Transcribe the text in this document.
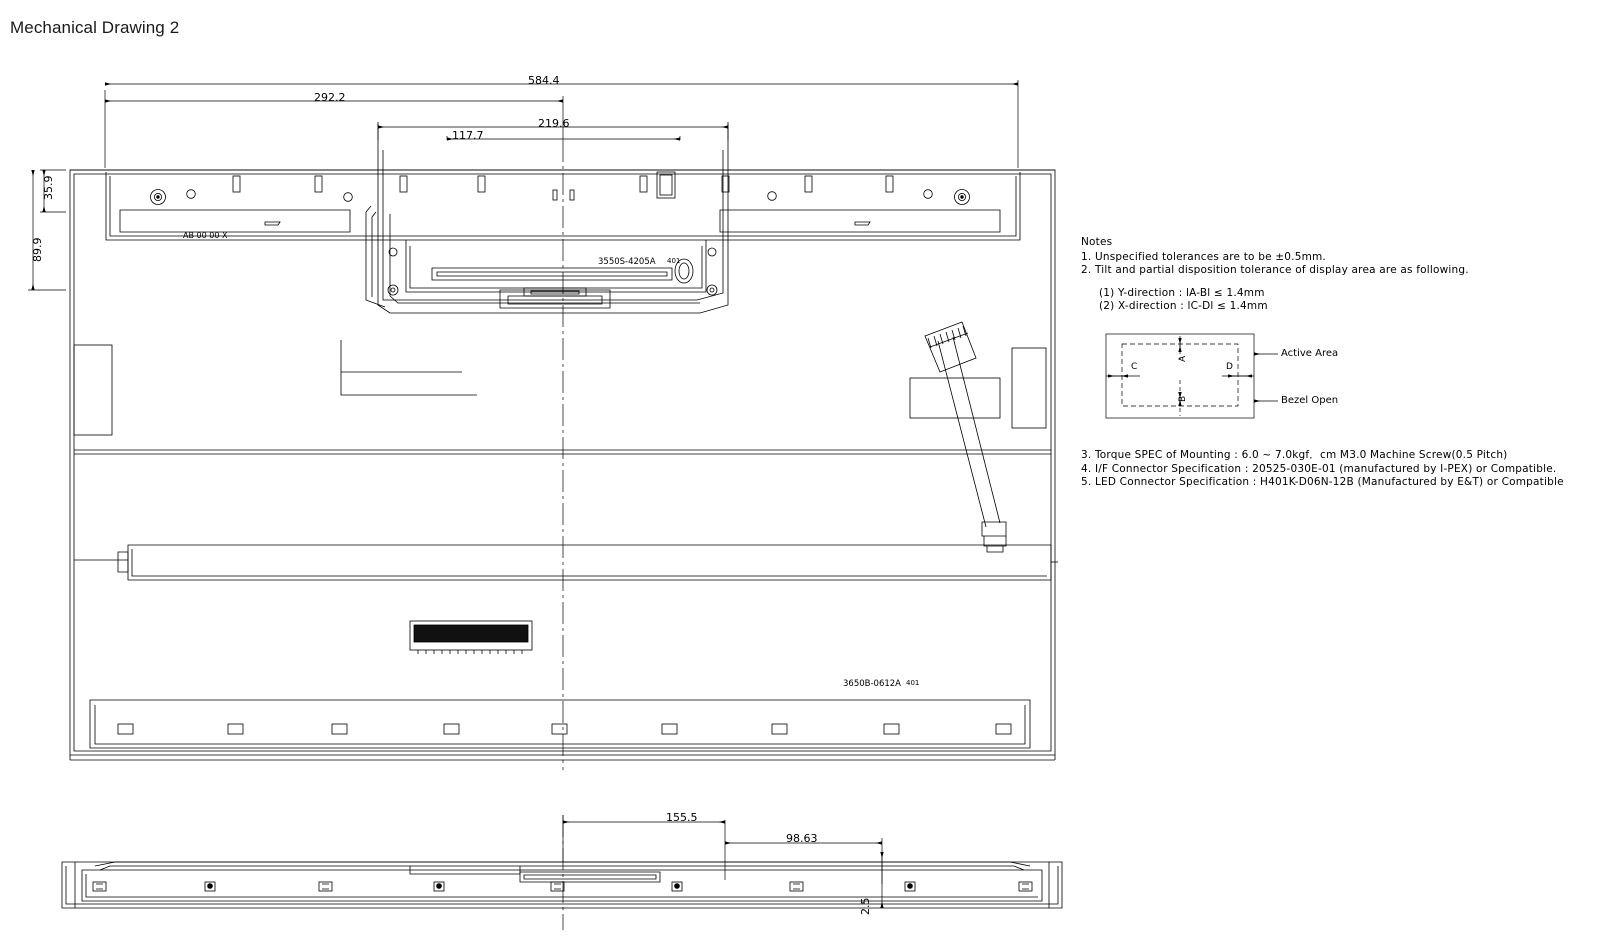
Mechanical Drawing 2
584.4
292.2
219.6
117.7
35.9
89.9
155.5
98.63
2.5
AB 00 00 X
3550S-4205A 401
3650B-0612A 401
Notes
1. Unspecified tolerances are to be ±0.5mm.
2. Tilt and partial disposition tolerance of display area are as following.
(1) Y-direction : lA-Bl ≤ 1.4mm
(2) X-direction : lC-Dl ≤ 1.4mm
3. Torque SPEC of Mounting : 6.0 ~ 7.0kgf．cm M3.0 Machine Screw(0.5 Pitch)
4. I/F Connector Specification : 20525-030E-01 (manufactured by I-PEX) or Compatible.
5. LED Connector Specification : H401K-D06N-12B (Manufactured by E&T) or Compatible
Active Area
Bezel Open
A
B
C	D
